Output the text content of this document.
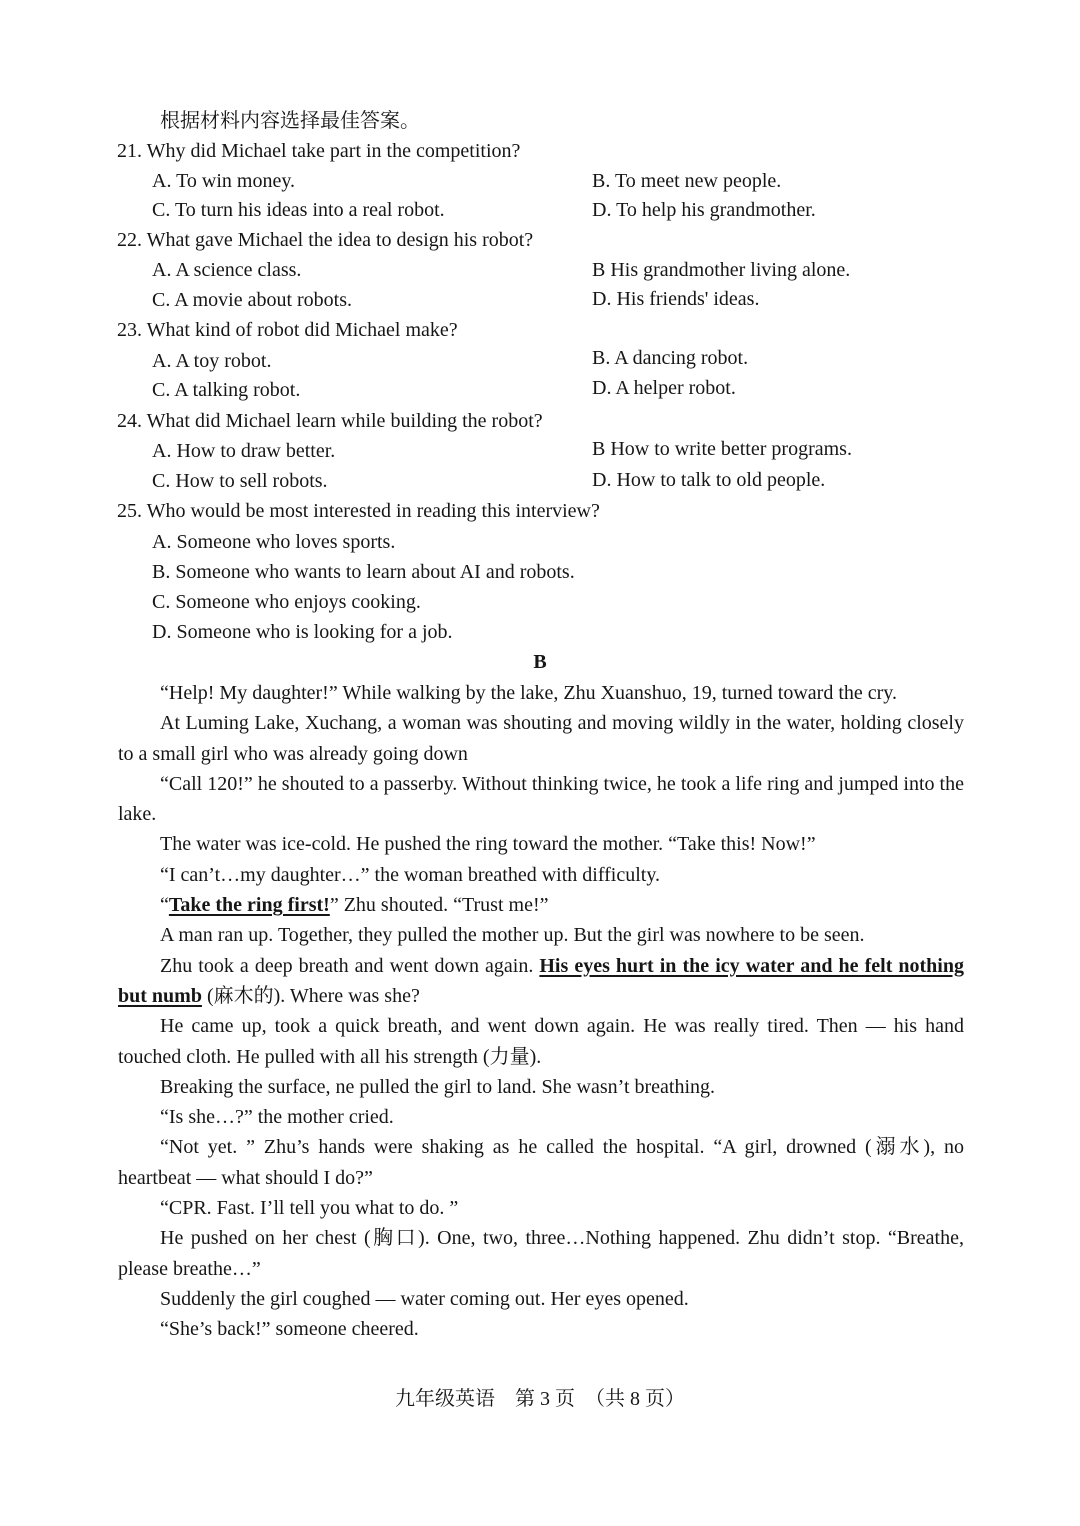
根据材料内容选择最佳答案。
21. Why did Michael take part in the competition?
A. To win money.	B. To meet new people.
C. To turn his ideas into a real robot.	D. To help his grandmother.
22. What gave Michael the idea to design his robot?
A. A science class.	B His grandmother living alone.
C. A movie about robots.	D. His friends' ideas.
23. What kind of robot did Michael make?
A. A toy robot.	B. A dancing robot.
C. A talking robot.	D. A helper robot.
24. What did Michael learn while building the robot?
A. How to draw better.	B How to write better programs.
C. How to sell robots.	D. How to talk to old people.
25. Who would be most interested in reading this interview?
A. Someone who loves sports.
B. Someone who wants to learn about AI and robots.
C. Someone who enjoys cooking.
D. Someone who is looking for a job.
B

“Help! My daughter!” While walking by the lake, Zhu Xuanshuo, 19, turned toward the cry.

At Luming Lake, Xuchang, a woman was shouting and moving wildly in the water, holding closely to a small girl who was already going down

“Call 120!” he shouted to a passerby. Without thinking twice, he took a life ring and jumped into the lake.

The water was ice-cold. He pushed the ring toward the mother. “Take this! Now!”

“I can’t…my daughter…” the woman breathed with difficulty.

“Take the ring first!” Zhu shouted. “Trust me!”

A man ran up. Together, they pulled the mother up. But the girl was nowhere to be seen.

Zhu took a deep breath and went down again. His eyes hurt in the icy water and he felt nothing but numb (麻木的). Where was she?

He came up, took a quick breath, and went down again. He was really tired. Then — his hand touched cloth. He pulled with all his strength (力量).

Breaking the surface, ne pulled the girl to land. She wasn’t breathing.

“Is she…?” the mother cried.

“Not yet. ” Zhu’s hands were shaking as he called the hospital. “A girl, drowned (溺水), no heartbeat — what should I do?”

“CPR. Fast. I’ll tell you what to do. ”

He pushed on her chest (胸口). One, two, three…Nothing happened. Zhu didn’t stop. “Breathe, please breathe…”

Suddenly the girl coughed — water coming out. Her eyes opened.

“She’s back!” someone cheered.

九年级英语　第 3 页　（共 8 页）
